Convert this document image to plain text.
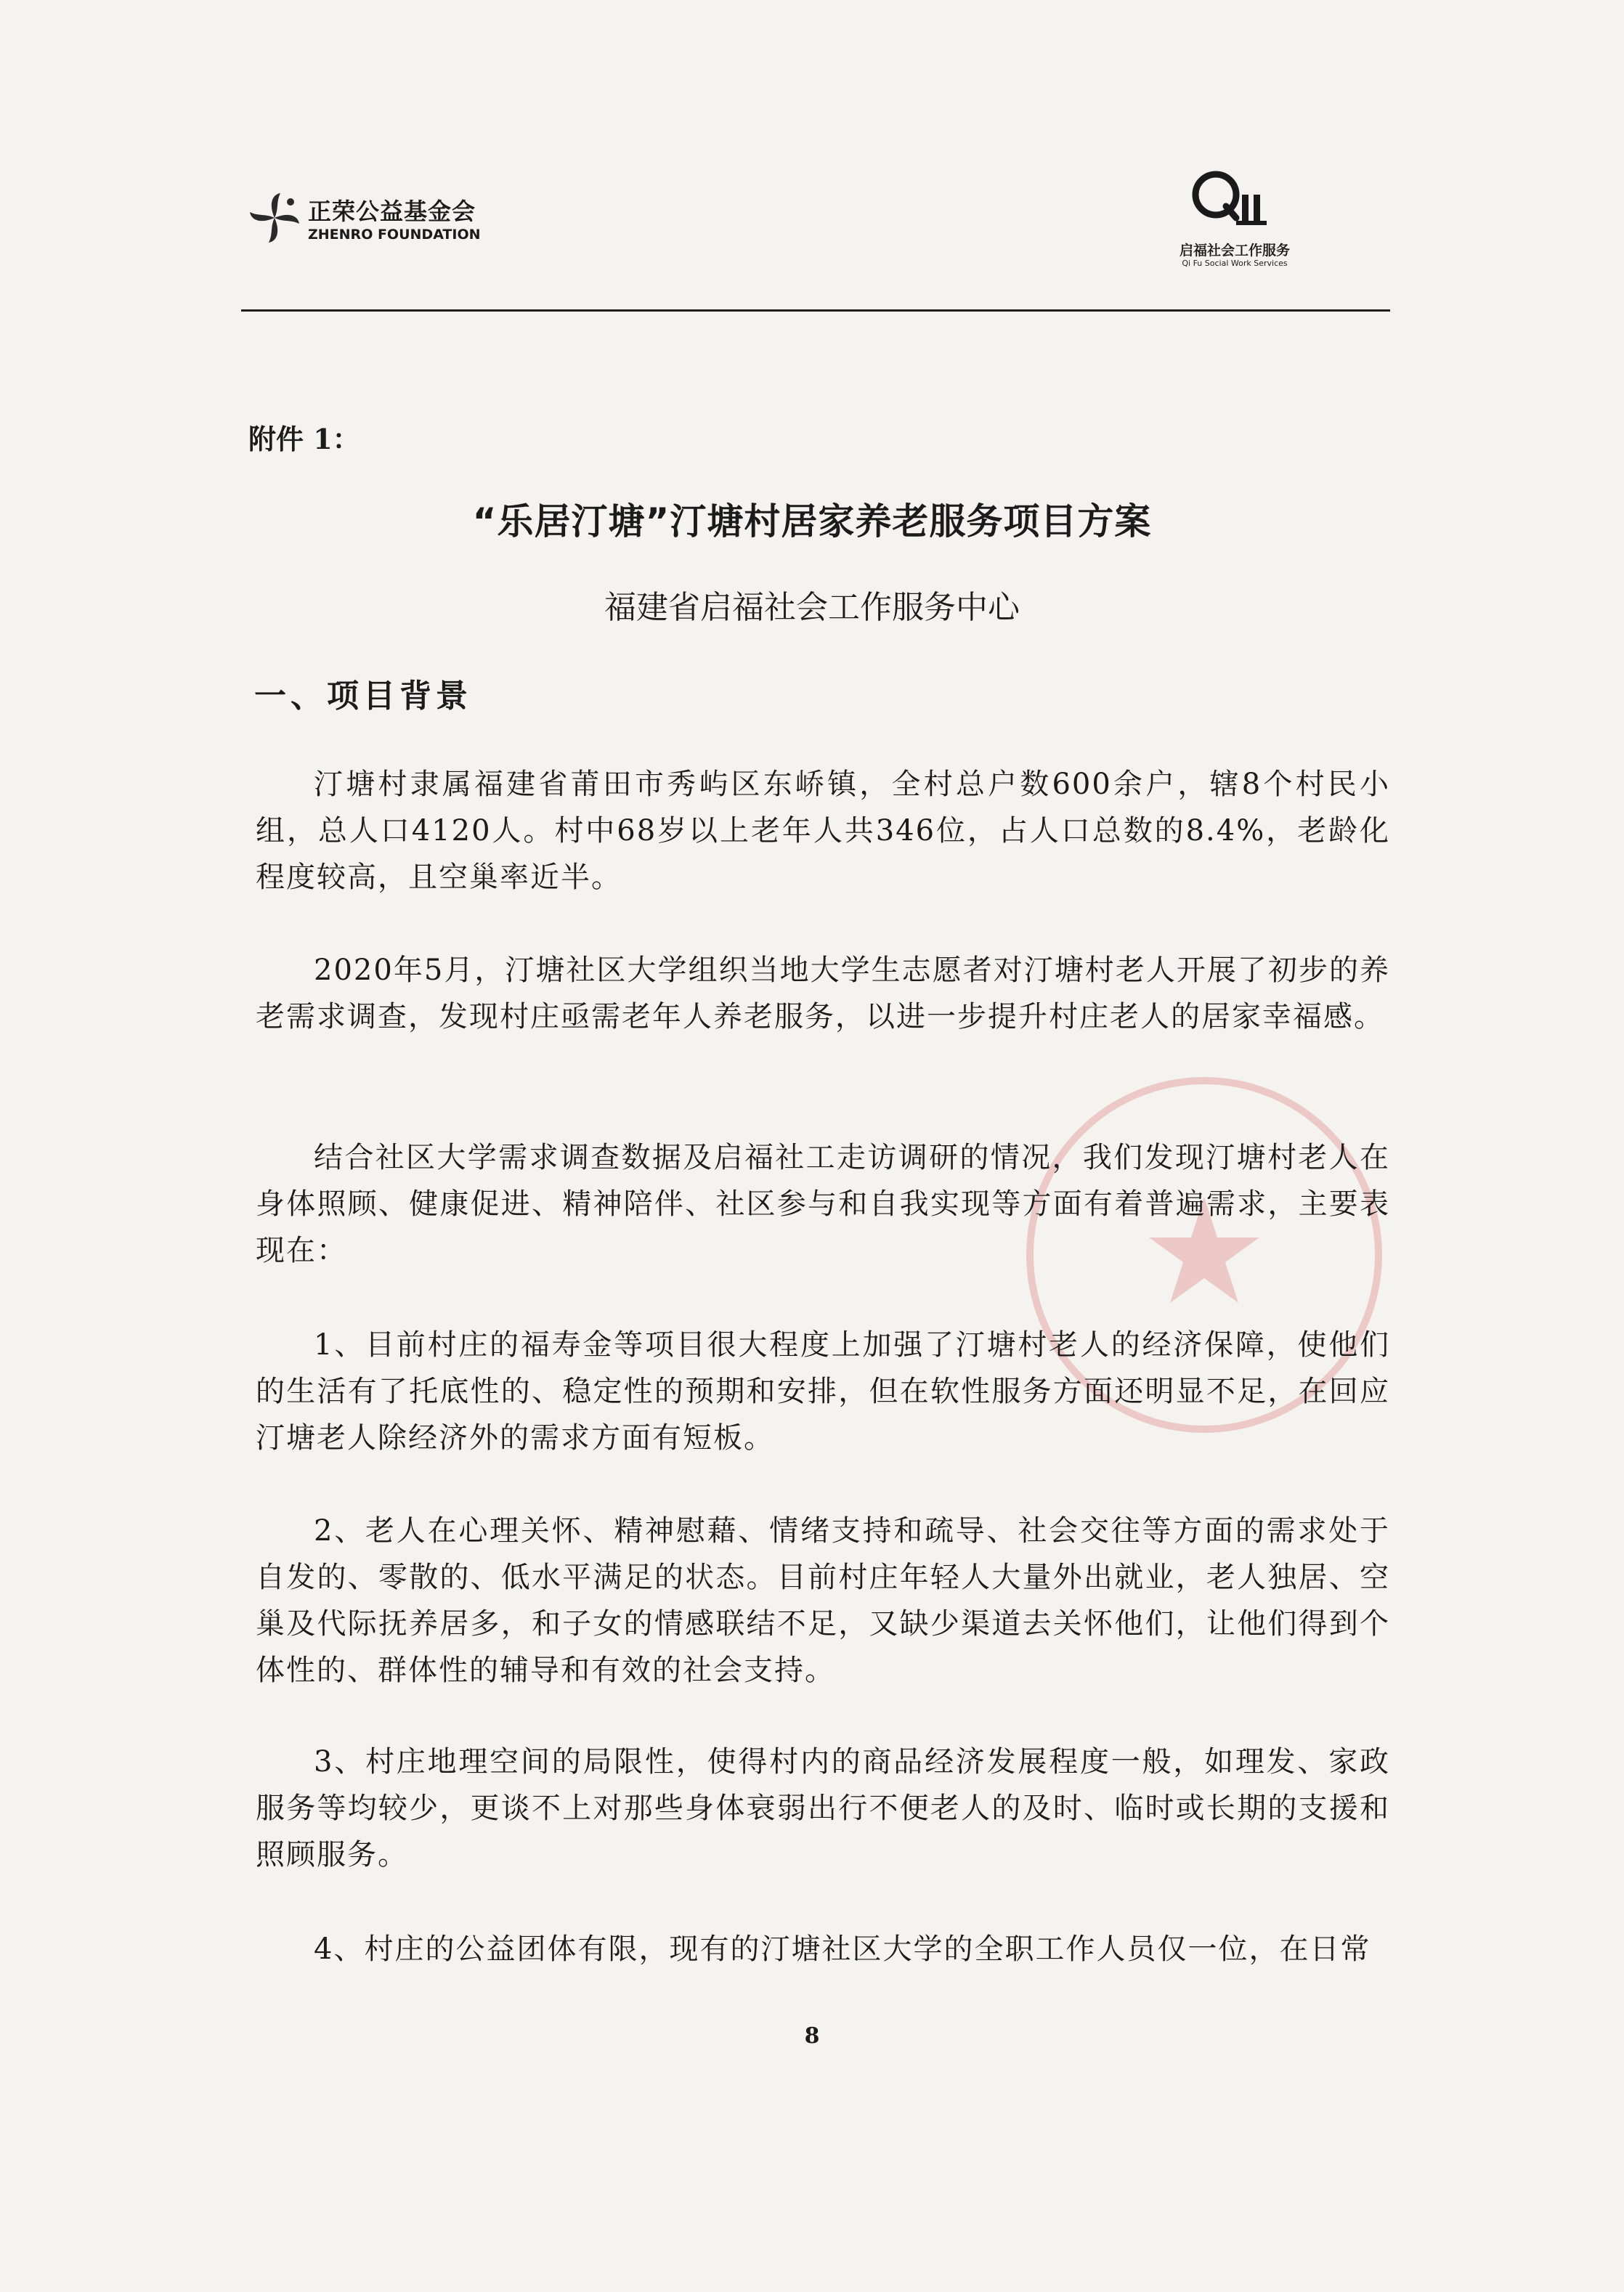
正荣公益基金会
ZHENRO FOUNDATION
启福社会工作服务
Qi Fu Social Work Services
附件 1：
“乐居汀塘”汀塘村居家养老服务项目方案
福建省启福社会工作服务中心
一、项目背景

汀塘村隶属福建省莆田市秀屿区东峤镇，全村总户数600余户，辖8个村民小组，总人口4120人。村中68岁以上老年人共346位，占人口总数的8.4%，老龄化程度较高，且空巢率近半。

2020年5月，汀塘社区大学组织当地大学生志愿者对汀塘村老人开展了初步的养老需求调查，发现村庄亟需老年人养老服务，以进一步提升村庄老人的居家幸福感。

结合社区大学需求调查数据及启福社工走访调研的情况，我们发现汀塘村老人在身体照顾、健康促进、精神陪伴、社区参与和自我实现等方面有着普遍需求，主要表现在：

1、目前村庄的福寿金等项目很大程度上加强了汀塘村老人的经济保障，使他们的生活有了托底性的、稳定性的预期和安排，但在软性服务方面还明显不足，在回应汀塘老人除经济外的需求方面有短板。

2、老人在心理关怀、精神慰藉、情绪支持和疏导、社会交往等方面的需求处于自发的、零散的、低水平满足的状态。目前村庄年轻人大量外出就业，老人独居、空巢及代际抚养居多，和子女的情感联结不足，又缺少渠道去关怀他们，让他们得到个体性的、群体性的辅导和有效的社会支持。

3、村庄地理空间的局限性，使得村内的商品经济发展程度一般，如理发、家政服务等均较少，更谈不上对那些身体衰弱出行不便老人的及时、临时或长期的支援和照顾服务。

4、村庄的公益团体有限，现有的汀塘社区大学的全职工作人员仅一位，在日常

8
